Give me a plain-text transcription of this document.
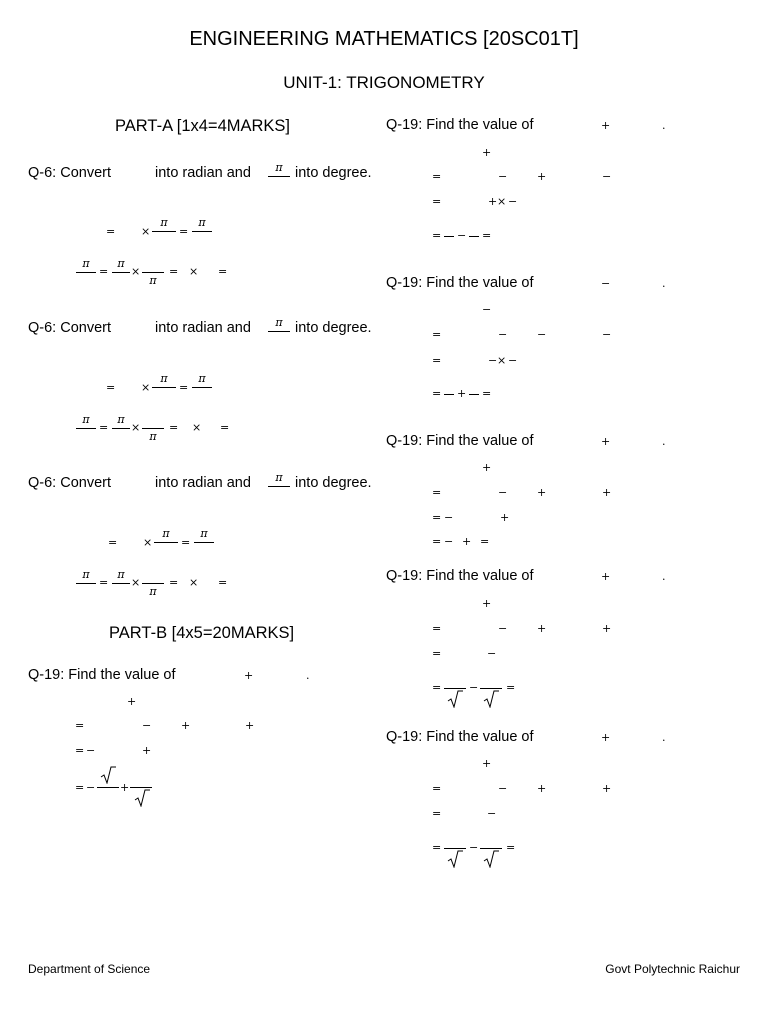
ENGINEERING MATHEMATICS [20SC01T]
UNIT-1: TRIGONOMETRY
PART-A [1x4=4MARKS]
Q-6: Convert	into radian and	π into degree.
= ×
π
=
π
π
=
π
×
π
= × =
Q-6: Convert	into radian and	π into degree.
= ×
π
=
π
π
=
π
×
π
= × =
Q-6: Convert	into radian and	π into degree.
= ×
π
=
π
π
=
π
×
π
= × =
PART-B [4x5=20MARKS]
Q-19: Find the value of	+	.
+
=	−	+	+
= −	+
= − +
Q-19: Find the value of	+	.
+
=	−	+	−
=	+ × −
= − =
Q-19: Find the value of	−	.
−
=	−	−	−
=	− × −
= + =
Q-19: Find the value of	+	.
+
=	−	+	+
= −	+
= − + =
Q-19: Find the value of	+	.
+
=	−	+	+
=	−
=	−	=
Q-19: Find the value of	+	.
+
=	−	+	+
=	−
=	−	=
Department of Science	Govt Polytechnic Raichur
